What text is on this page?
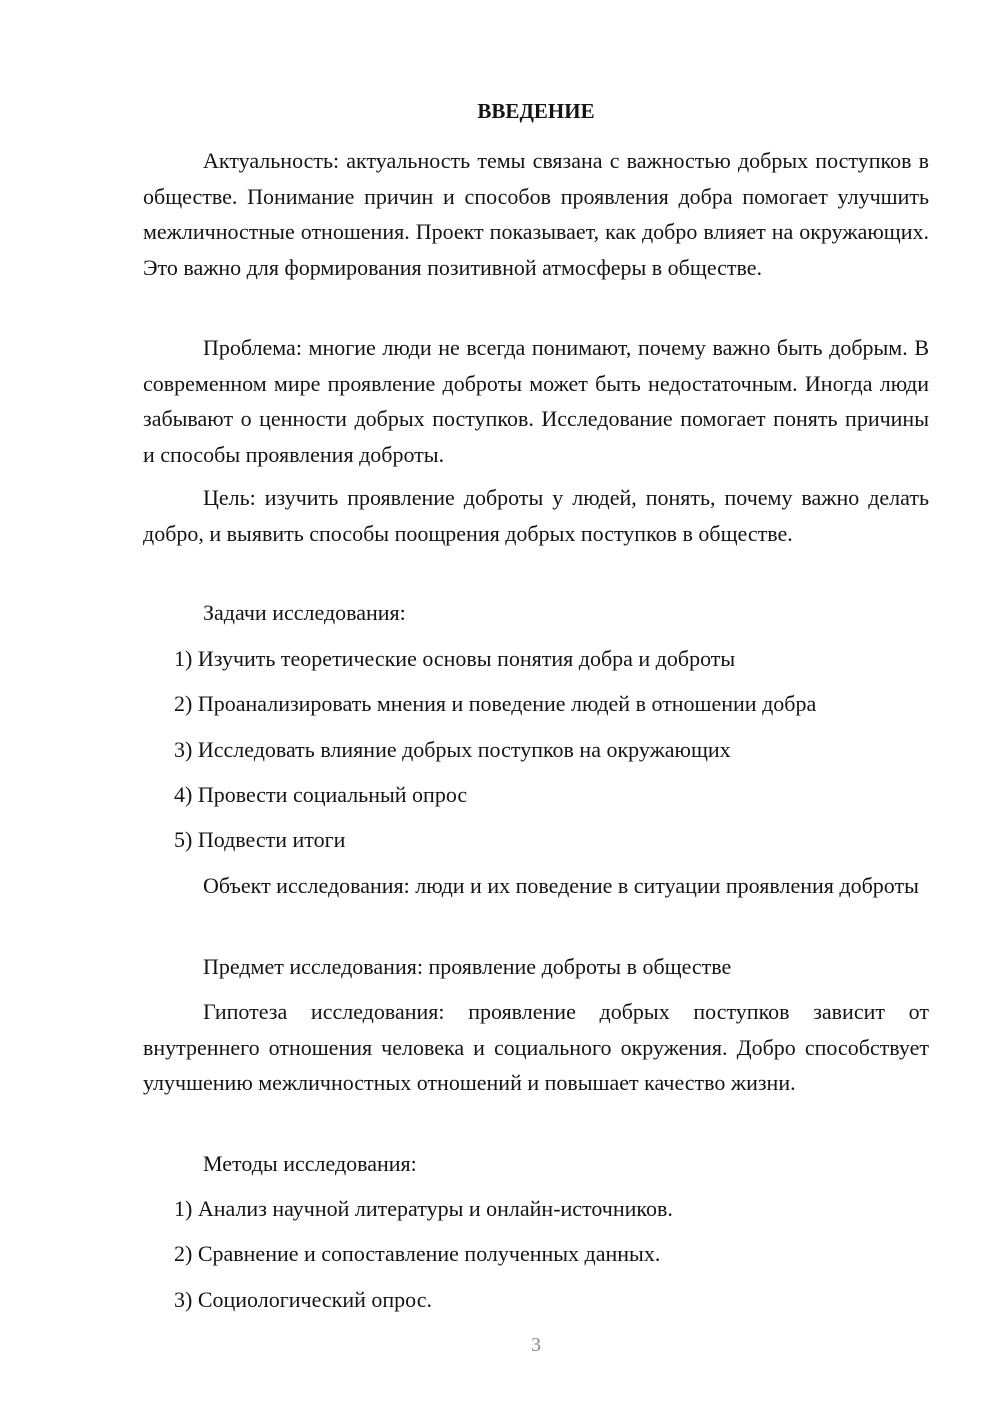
ВВЕДЕНИЕ

Актуальность: актуальность темы связана с важностью добрых поступков в обществе. Понимание причин и способов проявления добра помогает улучшить межличностные отношения. Проект показывает, как добро влияет на окружающих. Это важно для формирования позитивной атмосферы в обществе.

Проблема: многие люди не всегда понимают, почему важно быть добрым. В современном мире проявление доброты может быть недостаточным. Иногда люди забывают о ценности добрых поступков. Исследование помогает понять причины и способы проявления доброты.

Цель: изучить проявление доброты у людей, понять, почему важно делать добро, и выявить способы поощрения добрых поступков в обществе.

Задачи исследования:

1) Изучить теоретические основы понятия добра и доброты

2) Проанализировать мнения и поведение людей в отношении добра

3) Исследовать влияние добрых поступков на окружающих

4) Провести социальный опрос

5) Подвести итоги

Объект исследования: люди и их поведение в ситуации проявления доброты

Предмет исследования: проявление доброты в обществе

Гипотеза исследования: проявление добрых поступков зависит от внутреннего отношения человека и социального окружения. Добро способствует улучшению межличностных отношений и повышает качество жизни.

Методы исследования:

1) Анализ научной литературы и онлайн-источников.

2) Сравнение и сопоставление полученных данных.

3) Социологический опрос.

3
